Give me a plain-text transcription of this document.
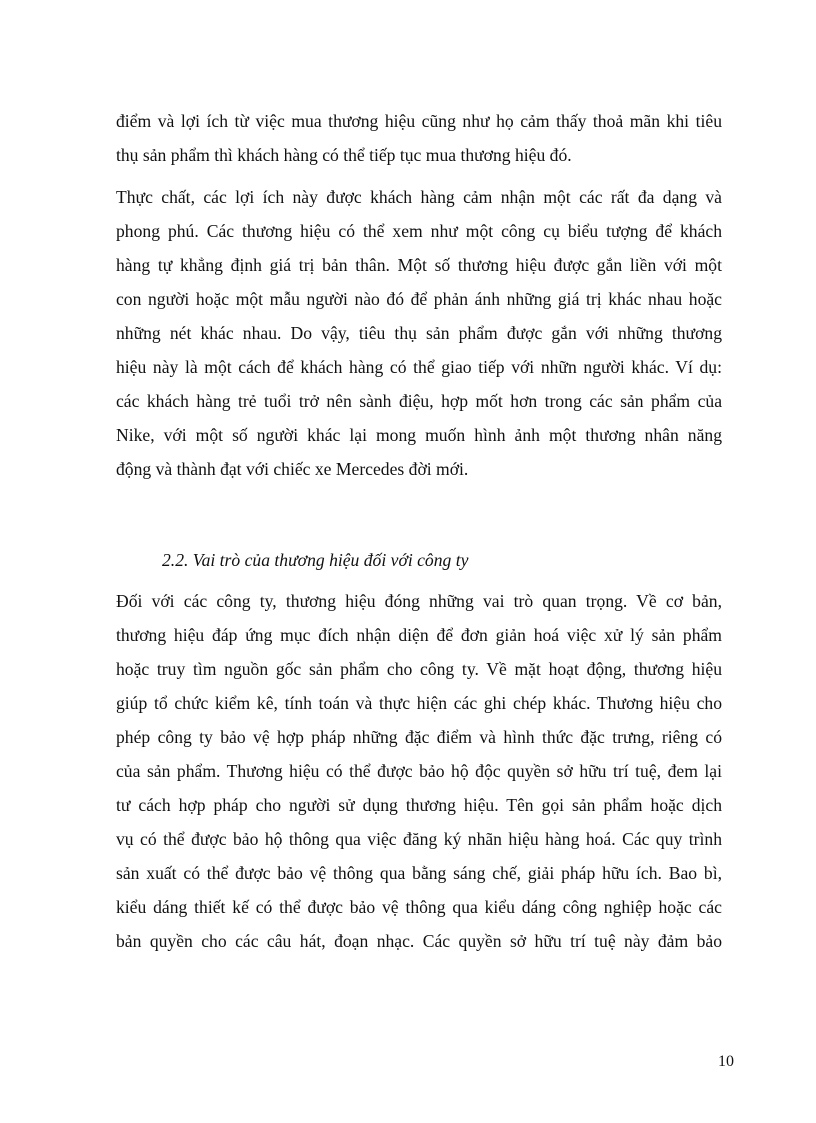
điểm và lợi ích từ việc mua thương hiệu cũng như họ cảm thấy thoả mãn khi tiêu
thụ sản phẩm thì khách hàng có thể tiếp tục mua thương hiệu đó.
Thực chất, các lợi ích này được khách hàng cảm nhận một các rất đa dạng và
phong phú. Các thương hiệu có thể xem như một công cụ biểu tượng để khách
hàng tự khẳng định giá trị bản thân. Một số thương hiệu được gắn liền với một
con người hoặc một mẫu người nào đó để phản ánh những giá trị khác nhau hoặc
những nét khác nhau. Do vậy, tiêu thụ sản phẩm được gắn với những thương
hiệu này là một cách để khách hàng có thể giao tiếp với nhữn người khác. Ví dụ:
các khách hàng trẻ tuổi trở nên sành điệu, hợp mốt hơn trong các sản phẩm của
Nike, với một số người khác lại mong muốn hình ảnh một thương nhân năng
động và thành đạt với chiếc xe Mercedes đời mới.
2.2. Vai trò của thương hiệu đối với công ty
Đối với các công ty, thương hiệu đóng những vai trò quan trọng. Về cơ bản,
thương hiệu đáp ứng mục đích nhận diện để đơn giản hoá việc xử lý sản phẩm
hoặc truy tìm nguồn gốc sản phẩm cho công ty. Về mặt hoạt động, thương hiệu
giúp tổ chức kiểm kê, tính toán và thực hiện các ghi chép khác. Thương hiệu cho
phép công ty bảo vệ hợp pháp những đặc điểm và hình thức đặc trưng, riêng có
của sản phẩm. Thương hiệu có thể được bảo hộ độc quyền sở hữu trí tuệ, đem lại
tư cách hợp pháp cho người sử dụng thương hiệu. Tên gọi sản phẩm hoặc dịch
vụ có thể được bảo hộ thông qua việc đăng ký nhãn hiệu hàng hoá. Các quy trình
sản xuất có thể được bảo vệ thông qua bằng sáng chế, giải pháp hữu ích. Bao bì,
kiểu dáng thiết kế có thể được bảo vệ thông qua kiểu dáng công nghiệp hoặc các
bản quyền cho các câu hát, đoạn nhạc. Các quyền sở hữu trí tuệ này đảm bảo
10
